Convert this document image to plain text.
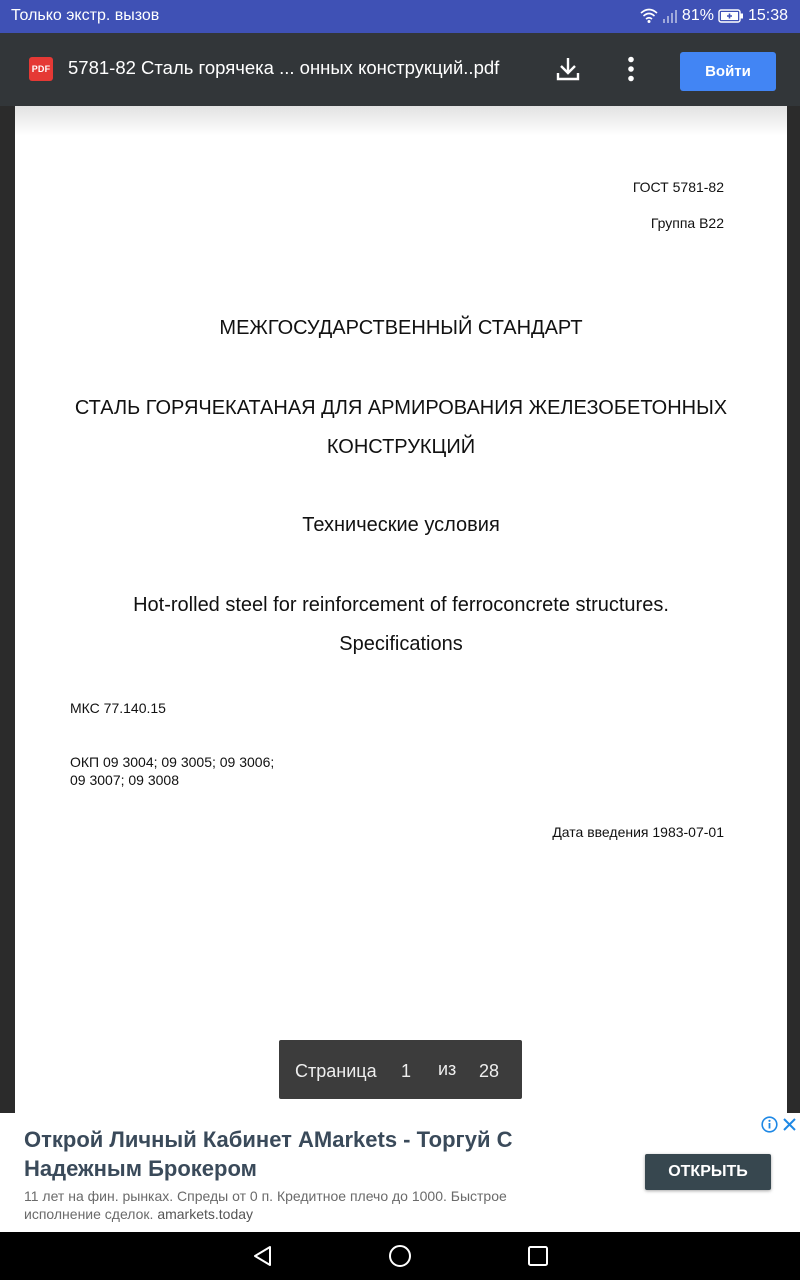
Только экстр. вызов	81% 15:38
PDF 5781-82 Сталь горячека ... онных конструкций..pdf	Войти
ГОСТ 5781-82
Группа В22
МЕЖГОСУДАРСТВЕННЫЙ СТАНДАРТ
СТАЛЬ ГОРЯЧЕКАТАНАЯ ДЛЯ АРМИРОВАНИЯ ЖЕЛЕЗОБЕТОННЫХ
КОНСТРУКЦИЙ
Технические условия
Hot-rolled steel for reinforcement of ferroconcrete structures.
Specifications
МКС 77.140.15
ОКП 09 3004; 09 3005; 09 3006;
09 3007; 09 3008
Дата введения 1983-07-01
Страница 1 из 28
Открой Личный Кабинет AMarkets - Торгуй С Надежным Брокером
11 лет на фин. рынках. Спреды от 0 п. Кредитное плечо до 1000. Быстрое исполнение сделок. amarkets.today
ОТКРЫТЬ
